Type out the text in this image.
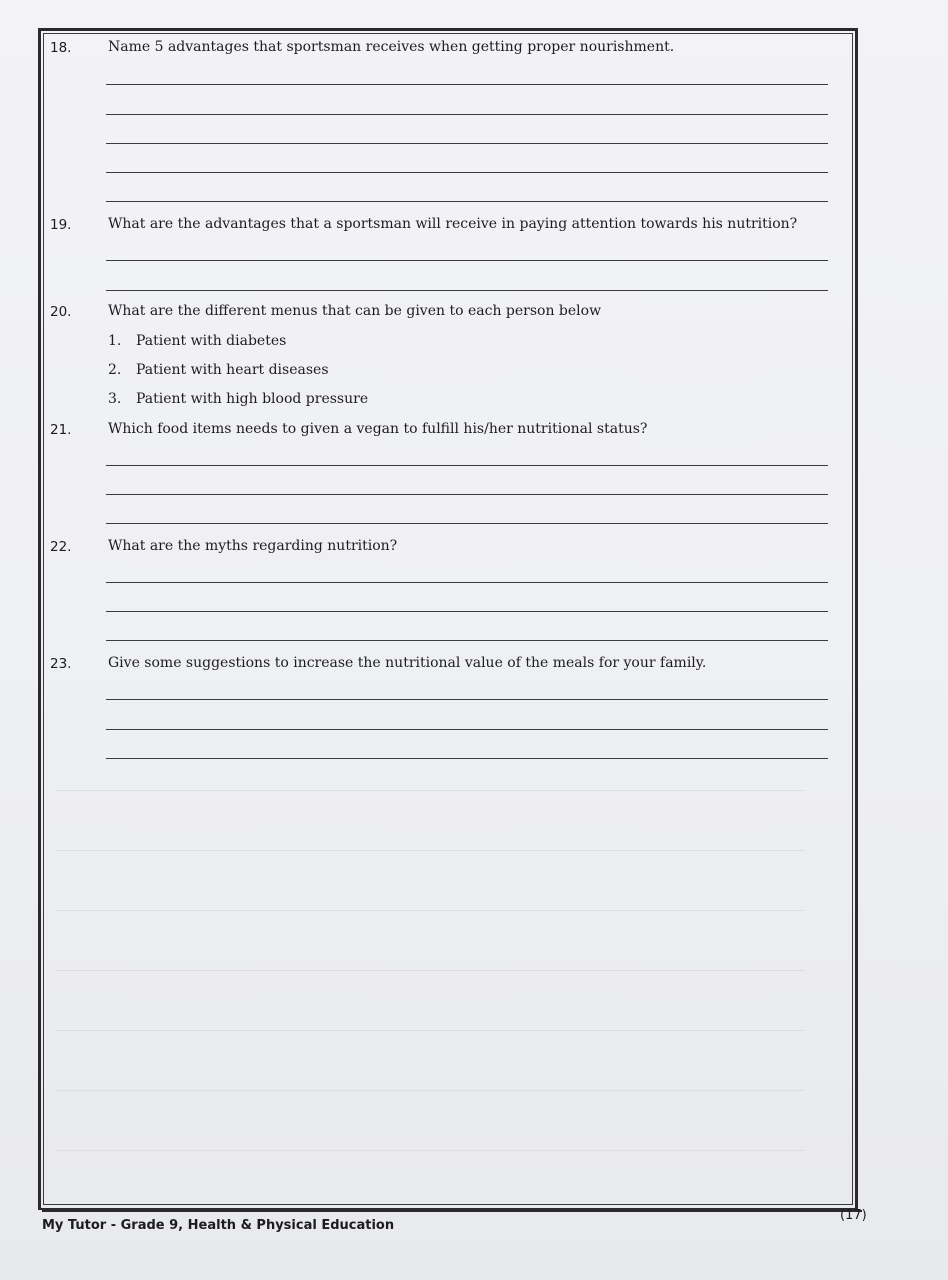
18.	Name 5 advantages that sportsman receives when getting proper nourishment.
19.	What are the advantages that a sportsman will receive in paying attention towards his nutrition?
20.	What are the different menus that can be given to each person below
1. Patient with diabetes
2. Patient with heart diseases
3. Patient with high blood pressure
21.	Which food items needs to given a vegan to fulfill his/her nutritional status?
22.	What are the myths regarding nutrition?
23.	Give some suggestions to increase the nutritional value of the meals for your family.
My Tutor - Grade 9, Health & Physical Education
(17)
